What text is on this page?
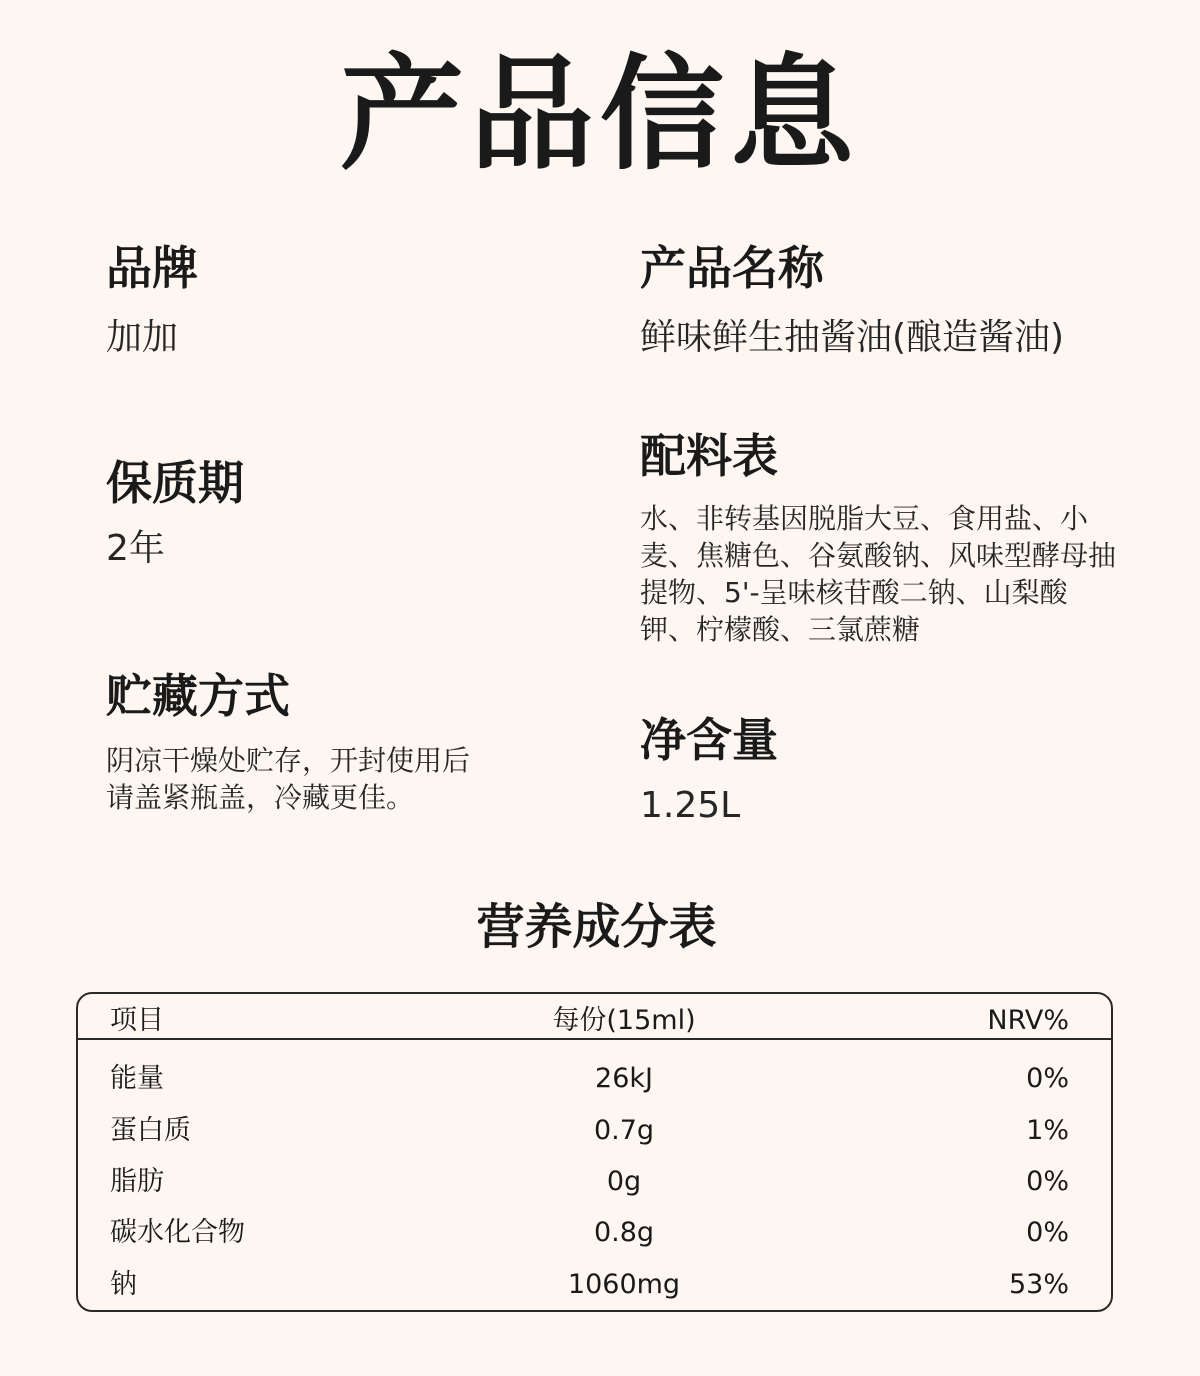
产品信息
品牌
加加
产品名称
鲜味鲜生抽酱油(酿造酱油)
保质期
2年
配料表
水、非转基因脱脂大豆、食用盐、小麦、焦糖色、谷氨酸钠、风味型酵母抽提物、5'-呈味核苷酸二钠、山梨酸钾、柠檬酸、三氯蔗糖
贮藏方式
阴凉干燥处贮存，开封使用后请盖紧瓶盖，冷藏更佳。
净含量
1.25L
营养成分表
项目	每份(15ml)	NRV%
能量	26kJ	0%
蛋白质	0.7g	1%
脂肪	0g	0%
碳水化合物	0.8g	0%
钠	1060mg	53%
